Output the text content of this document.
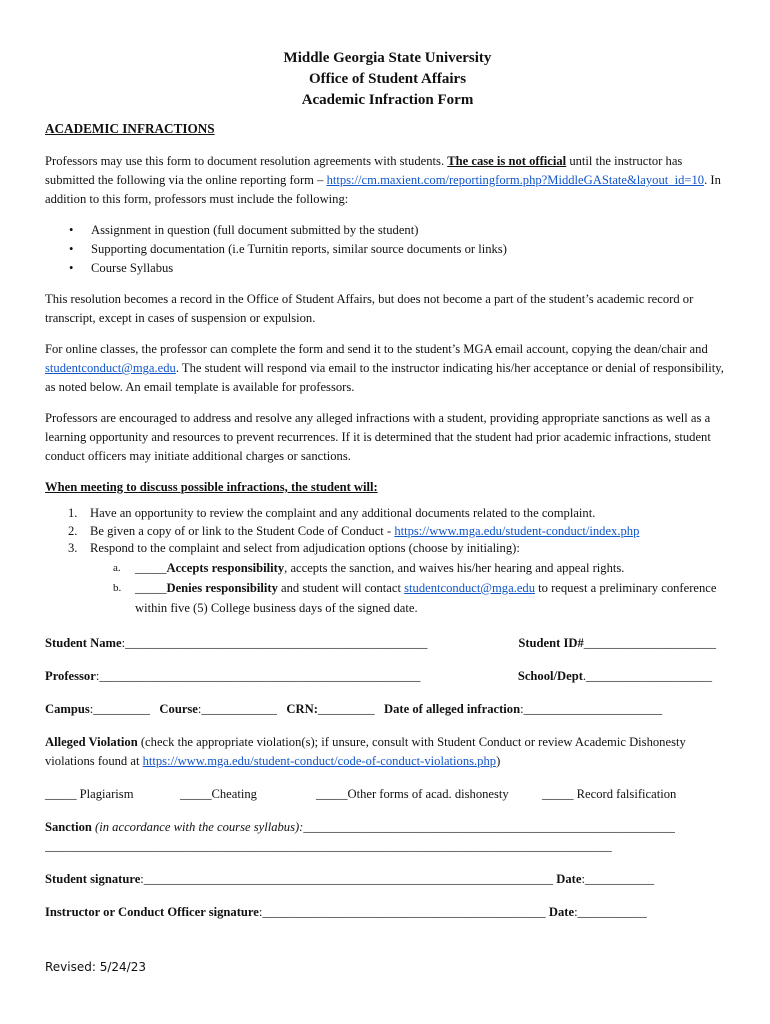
Middle Georgia State University
Office of Student Affairs
Academic Infraction Form
ACADEMIC INFRACTIONS

Professors may use this form to document resolution agreements with students. The case is not official until the instructor has submitted the following via the online reporting form – https://cm.maxient.com/reportingform.php?MiddleGAState&layout_id=10. In addition to this form, professors must include the following:

• Assignment in question (full document submitted by the student)
• Supporting documentation (i.e Turnitin reports, similar source documents or links)
• Course Syllabus

This resolution becomes a record in the Office of Student Affairs, but does not become a part of the student’s academic record or transcript, except in cases of suspension or expulsion.

For online classes, the professor can complete the form and send it to the student’s MGA email account, copying the dean/chair and studentconduct@mga.edu. The student will respond via email to the instructor indicating his/her acceptance or denial of responsibility, as noted below. An email template is available for professors.

Professors are encouraged to address and resolve any alleged infractions with a student, providing appropriate sanctions as well as a learning opportunity and resources to prevent recurrences. If it is determined that the student had prior academic infractions, student conduct officers may initiate additional charges or sanctions.

When meeting to discuss possible infractions, the student will:
1. Have an opportunity to review the complaint and any additional documents related to the complaint.
2. Be given a copy of or link to the Student Code of Conduct - https://www.mga.edu/student-conduct/index.php
3. Respond to the complaint and select from adjudication options (choose by initialing):
a. _____Accepts responsibility, accepts the sanction, and waives his/her hearing and appeal rights.
b. _____Denies responsibility and student will contact studentconduct@mga.edu to request a preliminary conference within five (5) College business days of the signed date.
Student Name:________________________________________________	Student ID#_____________________
Professor:___________________________________________________	School/Dept.____________________
Campus:_________ Course:____________ CRN:_________ Date of alleged infraction:______________________

Alleged Violation (check the appropriate violation(s); if unsure, consult with Student Conduct or review Academic Dishonesty violations found at https://www.mga.edu/student-conduct/code-of-conduct-violations.php)

_____ Plagiarism	_____Cheating	_____Other forms of acad. dishonesty	_____ Record falsification
Sanction (in accordance with the course syllabus):___________________________________________________________
__________________________________________________________________________________________
Student signature:_________________________________________________________________ Date:___________
Instructor or Conduct Officer signature:_____________________________________________ Date:___________
Revised: 5/24/23
